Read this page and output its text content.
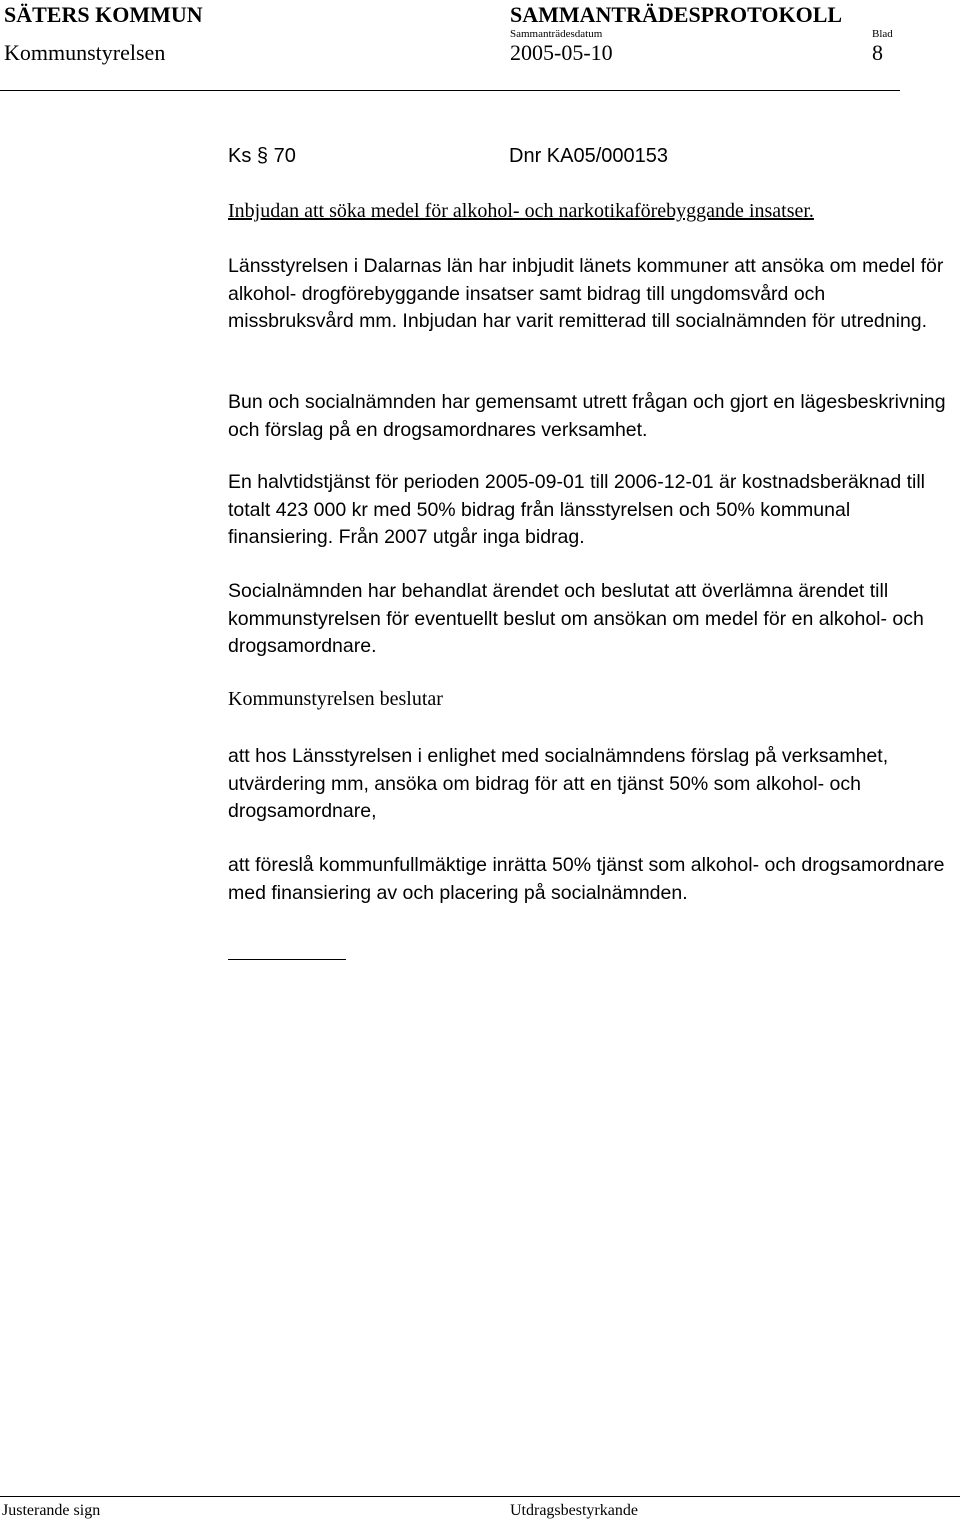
SÄTERS KOMMUN
Kommunstyrelsen
SAMMANTRÄDESPROTOKOLL
Sammanträdesdatum
2005-05-10
Blad
8
Ks § 70	Dnr KA05/000153
Inbjudan att söka medel för alkohol- och narkotikaförebyggande insatser.
Länsstyrelsen i Dalarnas län har inbjudit länets kommuner att ansöka om medel för alkohol- drogförebyggande insatser samt bidrag till ungdomsvård och missbruksvård mm. Inbjudan har varit remitterad till socialnämnden för utredning.
Bun och socialnämnden har gemensamt utrett frågan och gjort en lägesbeskrivning och förslag på en drogsamordnares verksamhet.
En halvtidstjänst för perioden 2005-09-01 till 2006-12-01 är kostnadsberäknad till totalt 423 000 kr med 50% bidrag från länsstyrelsen och 50% kommunal finansiering. Från 2007 utgår inga bidrag.
Socialnämnden har behandlat ärendet och beslutat att överlämna ärendet till kommunstyrelsen för eventuellt beslut om ansökan om medel för en alkohol- och drogsamordnare.
Kommunstyrelsen beslutar
att hos Länsstyrelsen i enlighet med socialnämndens förslag på verksamhet, utvärdering mm, ansöka om bidrag för att en tjänst 50% som alkohol- och drogsamordnare,
att föreslå kommunfullmäktige inrätta 50% tjänst som alkohol- och drogsamordnare med finansiering av och placering på socialnämnden.
Justerande sign	Utdragsbestyrkande
